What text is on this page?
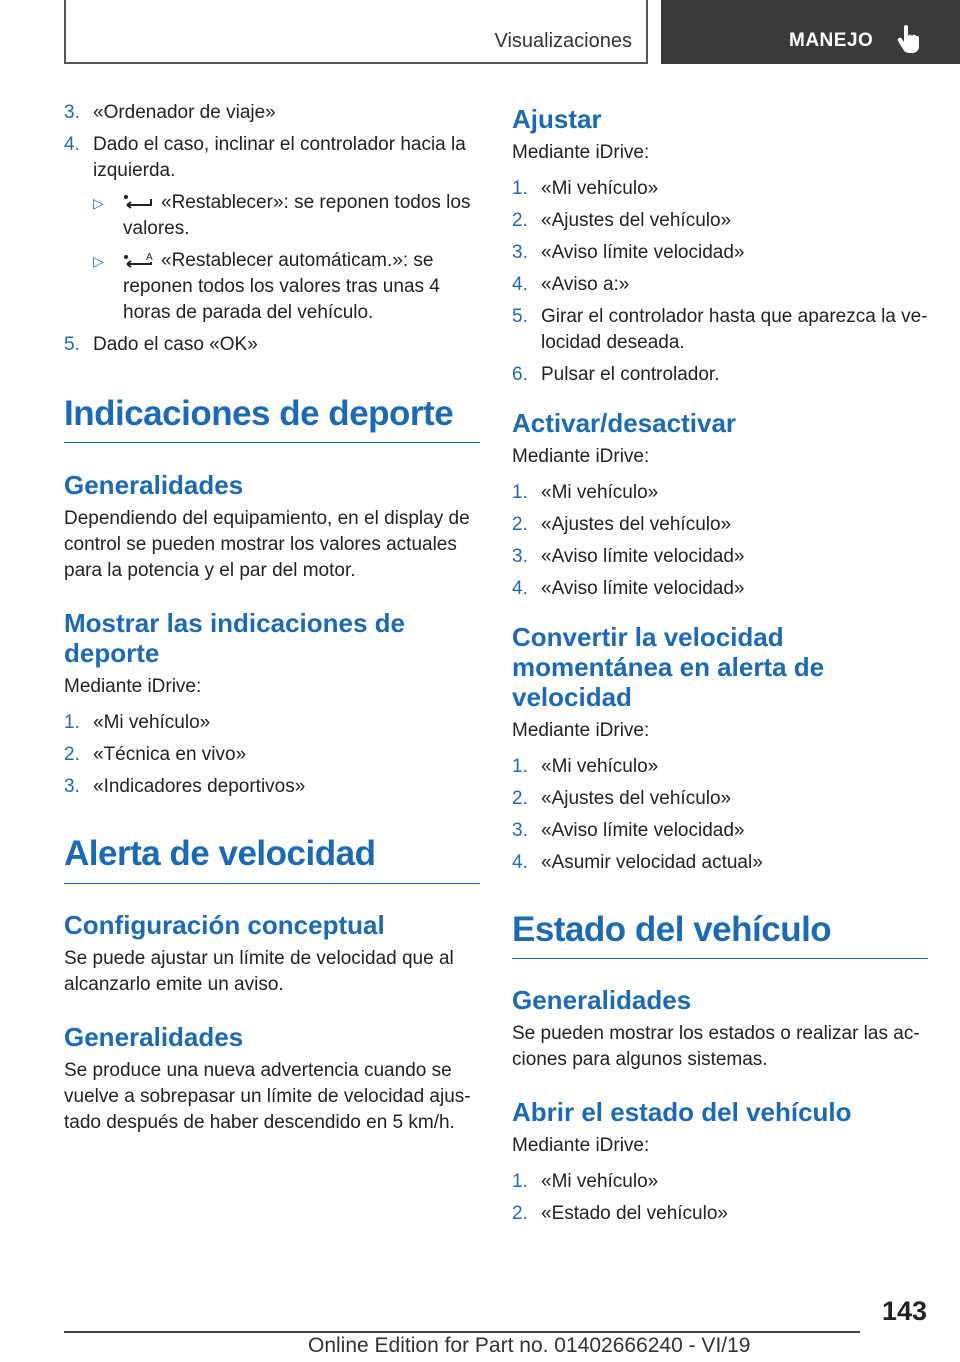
Visualizaciones	MANEJO
3. «Ordenador de viaje»
4. Dado el caso, inclinar el controlador hacia la izquierda.
▷	«Restablecer»: se reponen todos los valores.
▷	A «Restablecer automáticam.»: se reponen todos los valores tras unas 4 horas de parada del vehículo.
5. Dado el caso «OK»
Indicaciones de deporte
Generalidades

Dependiendo del equipamiento, en el display de control se pueden mostrar los valores actuales para la potencia y el par del motor.

Mostrar las indicaciones de deporte

Mediante iDrive:

1. «Mi vehículo»
2. «Técnica en vivo»
3. «Indicadores deportivos»
Alerta de velocidad
Configuración conceptual

Se puede ajustar un límite de velocidad que al alcanzarlo emite un aviso.

Generalidades

Se produce una nueva advertencia cuando se vuelve a sobrepasar un límite de velocidad ajustado después de haber descendido en 5 km/h.

Ajustar

Mediante iDrive:

1. «Mi vehículo»
2. «Ajustes del vehículo»
3. «Aviso límite velocidad»
4. «Aviso a:»
5. Girar el controlador hasta que aparezca la velocidad deseada.
6. Pulsar el controlador.
Activar/desactivar

Mediante iDrive:

1. «Mi vehículo»
2. «Ajustes del vehículo»
3. «Aviso límite velocidad»
4. «Aviso límite velocidad»
Convertir la velocidad momentánea en alerta de velocidad

Mediante iDrive:

1. «Mi vehículo»
2. «Ajustes del vehículo»
3. «Aviso límite velocidad»
4. «Asumir velocidad actual»
Estado del vehículo
Generalidades

Se pueden mostrar los estados o realizar las acciones para algunos sistemas.

Abrir el estado del vehículo

Mediante iDrive:

1. «Mi vehículo»
2. «Estado del vehículo»
143
Online Edition for Part no. 01402666240 - VI/19
